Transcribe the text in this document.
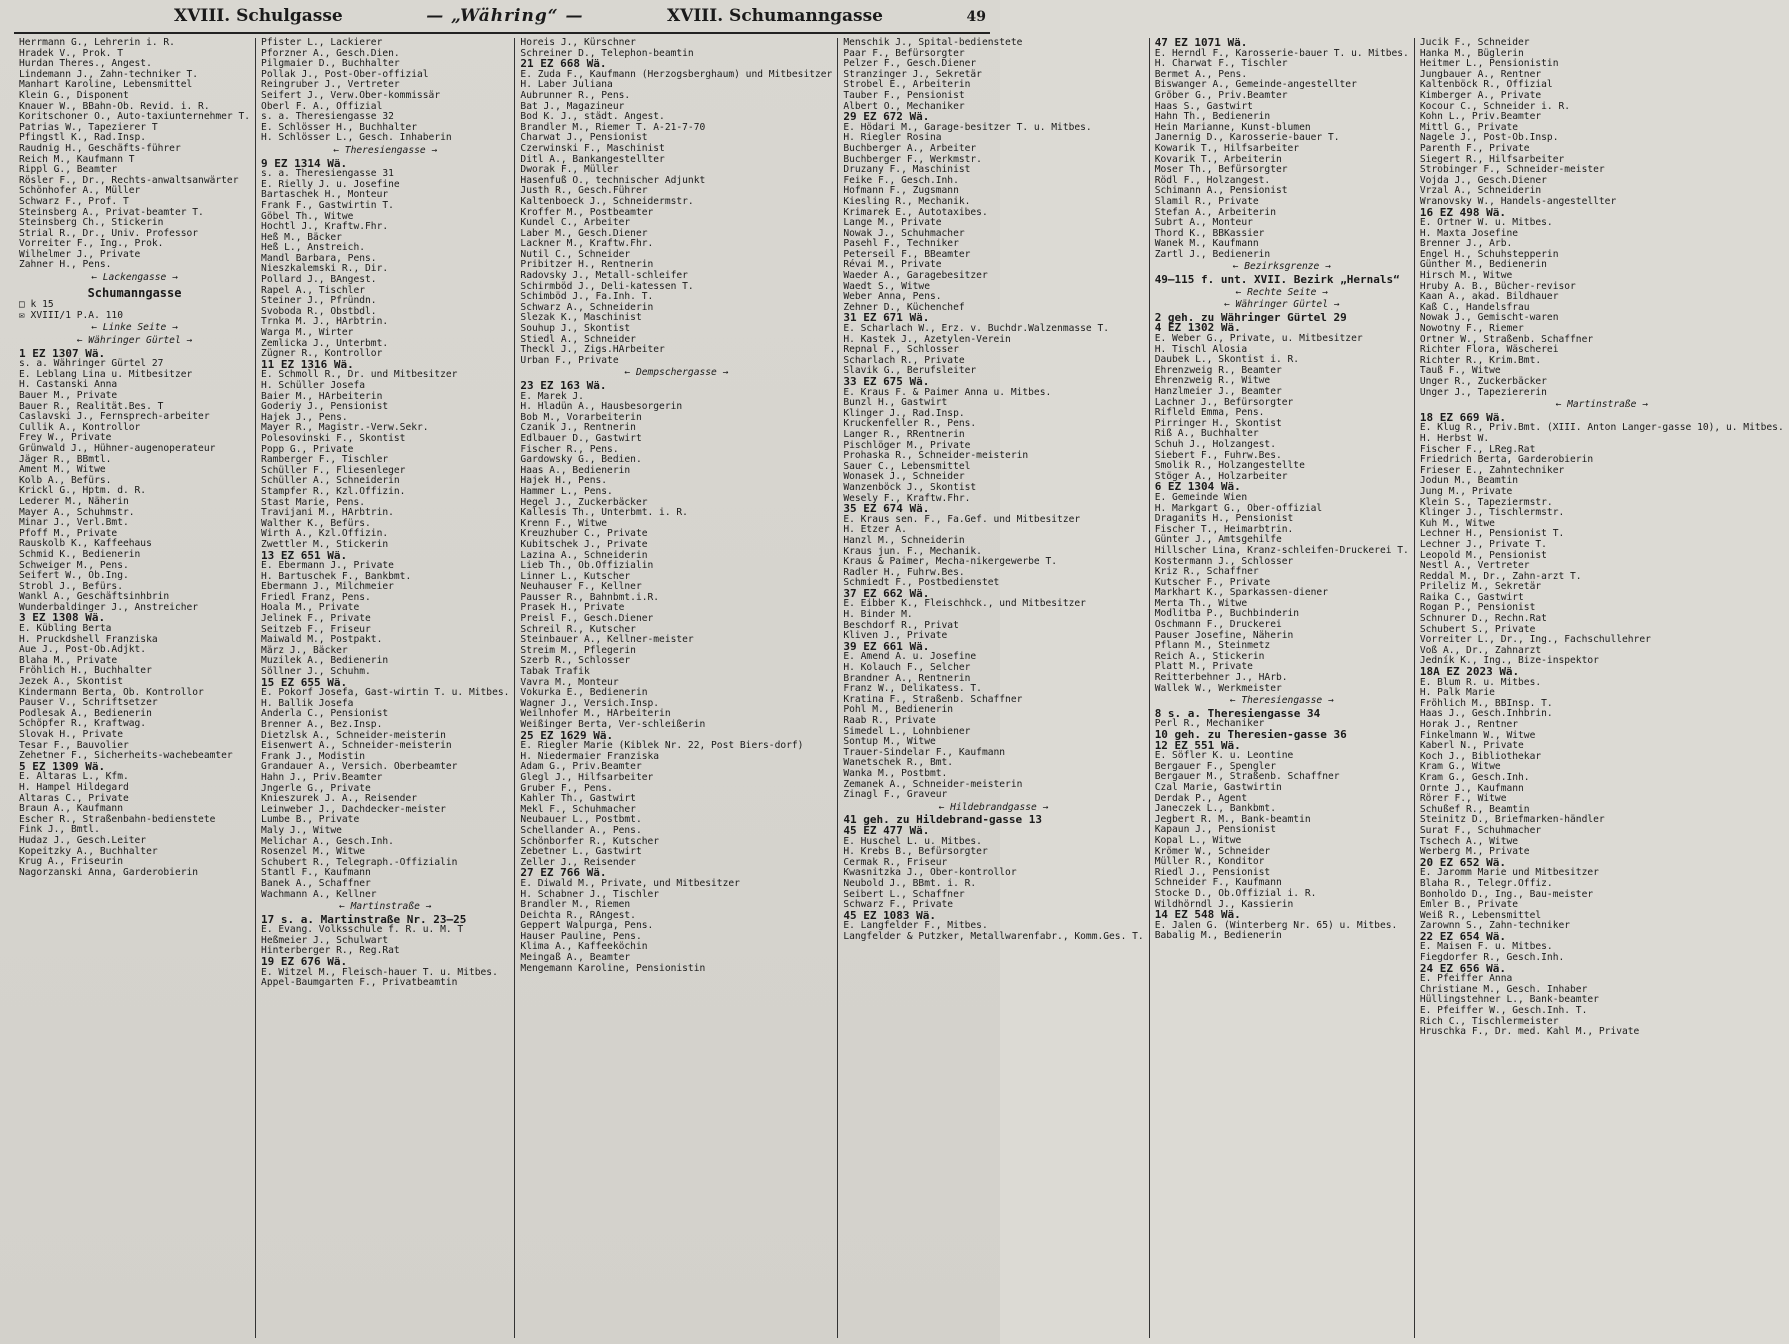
XVIII. Schulgasse	— „Währing“ —	XVIII. Schumanngasse	49
Herrmann G., Lehrerin i. R.
Hradek V., Prok. T
Hurdan Theres., Angest.
Lindemann J., Zahn-techniker T.
Manhart Karoline, Lebensmittel
Klein G., Disponent
Knauer W., BBahn-Ob. Revid. i. R.
Koritschoner O., Auto-taxiunternehmer T.
Patrias W., Tapezierer T
Pfingstl K., Rad.Insp.
Raudnig H., Geschäfts-führer
Reich M., Kaufmann T
Rippl G., Beamter
Rösler F., Dr., Rechts-anwaltsanwärter
Schönhofer A., Müller
Schwarz F., Prof. T
Steinsberg A., Privat-beamter T.
Steinsberg Ch., Stickerin
Strial R., Dr., Univ. Professor
Vorreiter F., Ing., Prok.
Wilhelmer J., Private
Zahner H., Pens.
← Lackengasse →
Schumanngasse
□ k 15
✉ XVIII/1 P.A. 110
← Linke Seite →
← Währinger Gürtel →
1 EZ 1307 Wä.
s. a. Währinger Gürtel 27
E. Leblang Lina u. Mitbesitzer
H. Castanski Anna
Bauer M., Private
Bauer R., Realität.Bes. T
Caslavski J., Fernsprech-arbeiter
Cullik A., Kontrollor
Frey W., Private
Grünwald J., Hühner-augenoperateur
Jäger R., BBmtl.
Ament M., Witwe
Kolb A., Befürs.
Krickl G., Hptm. d. R.
Lederer M., Näherin
Mayer A., Schuhmstr.
Minar J., Verl.Bmt.
Pfoff M., Private
Rauskolb K., Kaffeehaus
Schmid K., Bedienerin
Schweiger M., Pens.
Seifert W., Ob.Ing.
Strobl J., Befürs.
Wankl A., Geschäftsinhbrin
Wunderbaldinger J., Anstreicher
3 EZ 1308 Wä.
E. Kübling Berta
H. Pruckdshell Franziska
Aue J., Post-Ob.Adjkt.
Blaha M., Private
Fröhlich H., Buchhalter
Jezek A., Skontist
Kindermann Berta, Ob. Kontrollor
Pauser V., Schriftsetzer
Podlesak A., Bedienerin
Schöpfer R., Kraftwag.
Slovak H., Private
Tesar F., Bauvolier
Zehetner F., Sicherheits-wachebeamter
5 EZ 1309 Wä.
E. Altaras L., Kfm.
H. Hampel Hildegard
Altaras C., Private
Braun A., Kaufmann
Escher R., Straßenbahn-bedienstete
Fink J., Bmtl.
Hudaz J., Gesch.Leiter
Kopeitzky A., Buchhalter
Krug A., Friseurin
Nagorzanski Anna, Garderobierin
Pfister L., Lackierer
Pforzner A., Gesch.Dien.
Pilgmaier D., Buchhalter
Pollak J., Post-Ober-offizial
Reingruber J., Vertreter
Seifert J., Verw.Ober-kommissär
Oberl F. A., Offizial
s. a. Theresiengasse 32
E. Schlösser H., Buchhalter
H. Schlösser L., Gesch. Inhaberin
← Theresiengasse →
9 EZ 1314 Wä.
s. a. Theresiengasse 31
E. Rielly J. u. Josefine
Bartaschek H., Monteur
Frank F., Gastwirtin T.
Göbel Th., Witwe
Hochtl J., Kraftw.Fhr.
Heß M., Bäcker
Heß L., Anstreich.
Mandl Barbara, Pens.
Nieszkalemski R., Dir.
Pollard J., BAngest.
Rapel A., Tischler
Steiner J., Pfründn.
Svoboda R., Obstbdl.
Trnka M. J., HArbtrin.
Warga M., Wirter
Zemlicka J., Unterbmt.
Zügner R., Kontrollor
11 EZ 1316 Wä.
E. Schmoll R., Dr. und Mitbesitzer
H. Schüller Josefa
Baier M., HArbeiterin
Goderiy J., Pensionist
Hajek J., Pens.
Mayer R., Magistr.-Verw.Sekr.
Polesovinski F., Skontist
Popp G., Private
Ramberger F., Tischler
Schüller F., Fliesenleger
Schüller A., Schneiderin
Stampfer R., Kzl.Offizin.
Stast Marie, Pens.
Travijani M., HArbtrin.
Walther K., Befürs.
Wirth A., Kzl.Offizin.
Zwettler M., Stickerin
13 EZ 651 Wä.
E. Ebermann J., Private
H. Bartuschek F., Bankbmt.
Ebermann J., Milchmeier
Friedl Franz, Pens.
Hoala M., Private
Jelinek F., Private
Seitzeb F., Friseur
Maiwald M., Postpakt.
März J., Bäcker
Muzilek A., Bedienerin
Söllner J., Schuhm.
15 EZ 655 Wä.
E. Pokorf Josefa, Gast-wirtin T. u. Mitbes.
H. Ballik Josefa
Anderla C., Pensionist
Brenner A., Bez.Insp.
Dietzlsk A., Schneider-meisterin
Eisenwert A., Schneider-meisterin
Frank J., Modistin
Grandauer A., Versich. Oberbeamter
Hahn J., Priv.Beamter
Jngerle G., Private
Knieszurek J. A., Reisender
Leinweber J., Dachdecker-meister
Lumbe B., Private
Maly J., Witwe
Melichar A., Gesch.Inh.
Rosenzel M., Witwe
Schubert R., Telegraph.-Offizialin
Stantl F., Kaufmann
Banek A., Schaffner
Wachmann A., Kellner
← Martinstraße →
17 s. a. Martinstraße Nr. 23—25
E. Evang. Volksschule f. R. u. M. T
Heßmeier J., Schulwart
Hinterberger R., Reg.Rat
19 EZ 676 Wä.
E. Witzel M., Fleisch-hauer T. u. Mitbes.
Appel-Baumgarten F., Privatbeamtin
Horeis J., Kürschner
Schreiner D., Telephon-beamtin
21 EZ 668 Wä.
E. Zuda F., Kaufmann (Herzogsberghaum) und Mitbesitzer
H. Laber Juliana
Aubrunner R., Pens.
Bat J., Magazineur
Bod K. J., städt. Angest.
Brandler M., Riemer T. A-21-7-70
Charwat J., Pensionist
Czerwinski F., Maschinist
Ditl A., Bankangestellter
Dworak F., Müller
Hasenfuß O., technischer Adjunkt
Justh R., Gesch.Führer
Kaltenboeck J., Schneidermstr.
Kroffer M., Postbeamter
Kundel C., Arbeiter
Laber M., Gesch.Diener
Lackner M., Kraftw.Fhr.
Nutil C., Schneider
Pribitzer H., Rentnerin
Radovsky J., Metall-schleifer
Schirmböd J., Deli-katessen T.
Schimböd J., Fa.Inh. T.
Schwarz A., Schneiderin
Slezak K., Maschinist
Souhup J., Skontist
Stiedl A., Schneider
Theckl J., Zigs.HArbeiter
Urban F., Private
← Dempschergasse →
23 EZ 163 Wä.
E. Marek J.
H. Hladün A., Hausbesorgerin
Bob M., Vorarbeiterin
Czanik J., Rentnerin
Edlbauer D., Gastwirt
Fischer R., Pens.
Gardowsky G., Bedien.
Haas A., Bedienerin
Hajek H., Pens.
Hammer L., Pens.
Hegel J., Zuckerbäcker
Kallesis Th., Unterbmt. i. R.
Krenn F., Witwe
Kreuzhuber C., Private
Kubitschek J., Private
Lazina A., Schneiderin
Lieb Th., Ob.Offizialin
Linner L., Kutscher
Neuhauser F., Kellner
Pausser R., Bahnbmt.i.R.
Prasek H., Private
Preisl F., Gesch.Diener
Schreil R., Kutscher
Steinbauer A., Kellner-meister
Streim M., Pflegerin
Szerb R., Schlosser
Tabak Trafik
Vavra M., Monteur
Vokurka E., Bedienerin
Wagner J., Versich.Insp.
Weilnhofer M., HArbeiterin
Weißinger Berta, Ver-schleißerin
25 EZ 1629 Wä.
E. Riegler Marie (Kiblek Nr. 22, Post Biers-dorf)
H. Niedermaier Franziska
Adam G., Priv.Beamter
Glegl J., Hilfsarbeiter
Gruber F., Pens.
Kahler Th., Gastwirt
Mekl F., Schuhmacher
Neubauer L., Postbmt.
Schellander A., Pens.
Schönborfer R., Kutscher
Zebetner L., Gastwirt
Zeller J., Reisender
27 EZ 766 Wä.
E. Diwald M., Private, und Mitbesitzer
H. Schabner J., Tischler
Brandler M., Riemen
Deichta R., RAngest.
Geppert Walpurga, Pens.
Hauser Pauline, Pens.
Klima A., Kaffeeköchin
Meingaß A., Beamter
Mengemann Karoline, Pensionistin
Menschik J., Spital-bedienstete
Paar F., Befürsorgter
Pelzer F., Gesch.Diener
Stranzinger J., Sekretär
Strobel E., Arbeiterin
Tauber F., Pensionist
Albert O., Mechaniker
29 EZ 672 Wä.
E. Hödari M., Garage-besitzer T. u. Mitbes.
H. Riegler Rosina
Buchberger A., Arbeiter
Buchberger F., Werkmstr.
Druzany F., Maschinist
Feike F., Gesch.Inh.
Hofmann F., Zugsmann
Kiesling R., Mechanik.
Krimarek E., Autotaxibes.
Lange M., Private
Nowak J., Schuhmacher
Pasehl F., Techniker
Peterseil F., BBeamter
Révai M., Private
Waeder A., Garagebesitzer
Waedt S., Witwe
Weber Anna, Pens.
Zehner D., Küchenchef
31 EZ 671 Wä.
E. Scharlach W., Erz. v. Buchdr.Walzenmasse T.
H. Kastek J., Azetylen-Verein
Repnal F., Schlosser
Scharlach R., Private
Slavik G., Berufsleiter
33 EZ 675 Wä.
E. Kraus F. & Paimer Anna u. Mitbes.
Bunzl H., Gastwirt
Klinger J., Rad.Insp.
Kruckenfeller R., Pens.
Langer R., RRentnerin
Pischlöger M., Private
Prohaska R., Schneider-meisterin
Sauer C., Lebensmittel
Wonasek J., Schneider
Wanzenböck J., Skontist
Wesely F., Kraftw.Fhr.
35 EZ 674 Wä.
E. Kraus sen. F., Fa.Gef. und Mitbesitzer
H. Etzer A.
Hanzl M., Schneiderin
Kraus jun. F., Mechanik.
Kraus & Paimer, Mecha-nikergewerbe T.
Radler H., Fuhrw.Bes.
Schmiedt F., Postbedienstet
37 EZ 662 Wä.
E. Eibber K., Fleischhck., und Mitbesitzer
H. Binder M.
Beschdorf R., Privat
Kliven J., Private
39 EZ 661 Wä.
E. Amend A. u. Josefine
H. Kolauch F., Selcher
Brandner A., Rentnerin
Franz W., Delikatess. T.
Kratina F., Straßenb. Schaffner
Pohl M., Bedienerin
Raab R., Private
Simedel L., Lohnbiener
Sontup M., Witwe
Trauer-Sindelar F., Kaufmann
Wanetschek R., Bmt.
Wanka M., Postbmt.
Zemanek A., Schneider-meisterin
Zinagl F., Graveur
← Hildebrandgasse →
41 geh. zu Hildebrand-gasse 13
45 EZ 477 Wä.
E. Huschel L. u. Mitbes.
H. Krebs B., Befürsorgter
Cermak R., Friseur
Kwasnitzka J., Ober-kontrollor
Neubold J., BBmt. i. R.
Seibert L., Schaffner
Schwarz F., Private
45 EZ 1083 Wä.
E. Langfelder F., Mitbes.
Langfelder & Putzker, Metallwarenfabr., Komm.Ges. T.
47 EZ 1071 Wä.
E. Herndl F., Karosserie-bauer T. u. Mitbes.
H. Charwat F., Tischler
Bermet A., Pens.
Biswanger A., Gemeinde-angestellter
Gröber G., Priv.Beamter
Haas S., Gastwirt
Hahn Th., Bedienerin
Hein Marianne, Kunst-blumen
Janernig D., Karosserie-bauer T.
Kowarik T., Hilfsarbeiter
Kovarik T., Arbeiterin
Moser Th., Befürsorgter
Rödl F., Holzangest.
Schimann A., Pensionist
Slamil R., Private
Stefan A., Arbeiterin
Subrt A., Monteur
Thord K., BBKassier
Wanek M., Kaufmann
Zartl J., Bedienerin
← Bezirksgrenze →
49—115 f. unt. XVII. Bezirk „Hernals“
← Rechte Seite →
← Währinger Gürtel →
2 geh. zu Währinger Gürtel 29
4 EZ 1302 Wä.
E. Weber G., Private, u. Mitbesitzer
H. Tischl Alosia
Daubek L., Skontist i. R.
Ehrenzweig R., Beamter
Ehrenzweig R., Witwe
Hanzlmeier J., Beamter
Lachner J., Befürsorgter
Rifleld Emma, Pens.
Pirringer H., Skontist
Riß A., Buchhalter
Schuh J., Holzangest.
Siebert F., Fuhrw.Bes.
Smolik R., Holzangestellte
Stöger A., Holzarbeiter
6 EZ 1304 Wä.
E. Gemeinde Wien
H. Markgart G., Ober-offizial
Draganits H., Pensionist
Fischer T., Heimarbtrin.
Günter J., Amtsgehilfe
Hillscher Lina, Kranz-schleifen-Druckerei T.
Kostermann J., Schlosser
Kriz R., Schaffner
Kutscher F., Private
Markhart K., Sparkassen-diener
Merta Th., Witwe
Modlitba P., Buchbinderin
Oschmann F., Druckerei
Pauser Josefine, Näherin
Pflann M., Steinmetz
Reich A., Stickerin
Platt M., Private
Reitterbehner J., HArb.
Wallek W., Werkmeister
← Theresiengasse →
8 s. a. Theresiengasse 34
Perl R., Mechaniker
10 geh. zu Theresien-gasse 36
12 EZ 551 Wä.
E. Söfler K. u. Leontine
Bergauer F., Spengler
Bergauer M., Straßenb. Schaffner
Czal Marie, Gastwirtin
Derdak P., Agent
Janeczek L., Bankbmt.
Jegbert R. M., Bank-beamtin
Kapaun J., Pensionist
Kopal L., Witwe
Krömer W., Schneider
Müller R., Konditor
Riedl J., Pensionist
Schneider F., Kaufmann
Stocke D., Ob.Offizial i. R.
Wildhörndl J., Kassierin
14 EZ 548 Wä.
E. Jalen G. (Winterberg Nr. 65) u. Mitbes.
Babalig M., Bedienerin
Jucik F., Schneider
Hanka M., Büglerin
Heitmer L., Pensionistin
Jungbauer A., Rentner
Kaltenböck R., Offizial
Kimberger A., Private
Kocour C., Schneider i. R.
Kohn L., Priv.Beamter
Mittl G., Private
Nagele J., Post-Ob.Insp.
Parenth F., Private
Siegert R., Hilfsarbeiter
Strobinger F., Schneider-meister
Vojda J., Gesch.Diener
Vrzal A., Schneiderin
Wranovsky W., Handels-angestellter
16 EZ 498 Wä.
E. Ortner W. u. Mitbes.
H. Maxta Josefine
Brenner J., Arb.
Engel H., Schuhstepperin
Günther M., Bedienerin
Hirsch M., Witwe
Hruby A. B., Bücher-revisor
Kaan A., akad. Bildhauer
Kaß C., Handelsfrau
Nowak J., Gemischt-waren
Nowotny F., Riemer
Ortner W., Straßenb. Schaffner
Richter Flora, Wäscherei
Richter R., Krim.Bmt.
Tauß F., Witwe
Unger R., Zuckerbäcker
Unger J., Tapeziererin
← Martinstraße →
18 EZ 669 Wä.
E. Klug R., Priv.Bmt. (XIII. Anton Langer-gasse 10), u. Mitbes.
H. Herbst W.
Fischer F., LReg.Rat
Friedrich Berta, Garderobierin
Frieser E., Zahntechniker
Jodun M., Beamtin
Jung M., Private
Klein S., Tapeziermstr.
Klinger J., Tischlermstr.
Kuh M., Witwe
Lechner H., Pensionist T.
Lechner J., Private T.
Leopold M., Pensionist
Nestl A., Vertreter
Reddal M., Dr., Zahn-arzt T.
Prileliz M., Sekretär
Raika C., Gastwirt
Rogan P., Pensionist
Schnurer D., Rechn.Rat
Schubert S., Private
Vorreiter L., Dr., Ing., Fachschullehrer
Voß A., Dr., Zahnarzt
Jedník K., Ing., Bize-inspektor
18A EZ 2023 Wä.
E. Blum R. u. Mitbes.
H. Palk Marie
Fröhlich M., BBInsp. T.
Haas J., Gesch.Inhbrin.
Horak J., Rentner
Finkelmann W., Witwe
Kaberl N., Private
Koch J., Bibliothekar
Kram G., Witwe
Kram G., Gesch.Inh.
Ornte J., Kaufmann
Rörer F., Witwe
Schußef R., Beamtin
Steinitz D., Briefmarken-händler
Surat F., Schuhmacher
Tschech A., Witwe
Werberg M., Private
20 EZ 652 Wä.
E. Jaromm Marie und Mitbesitzer
Blaha R., Telegr.Offiz.
Bonholdo D., Ing., Bau-meister
Emler B., Private
Weiß R., Lebensmittel
Zarownn S., Zahn-techniker
22 EZ 654 Wä.
E. Maisen F. u. Mitbes.
Fiegdorfer R., Gesch.Inh.
24 EZ 656 Wä.
E. Pfeiffer Anna
Christiane M., Gesch. Inhaber
Hüllingstehner L., Bank-beamter
E. Pfeiffer W., Gesch.Inh. T.
Rich C., Tischlermeister
Hruschka F., Dr. med. Kahl M., Private
